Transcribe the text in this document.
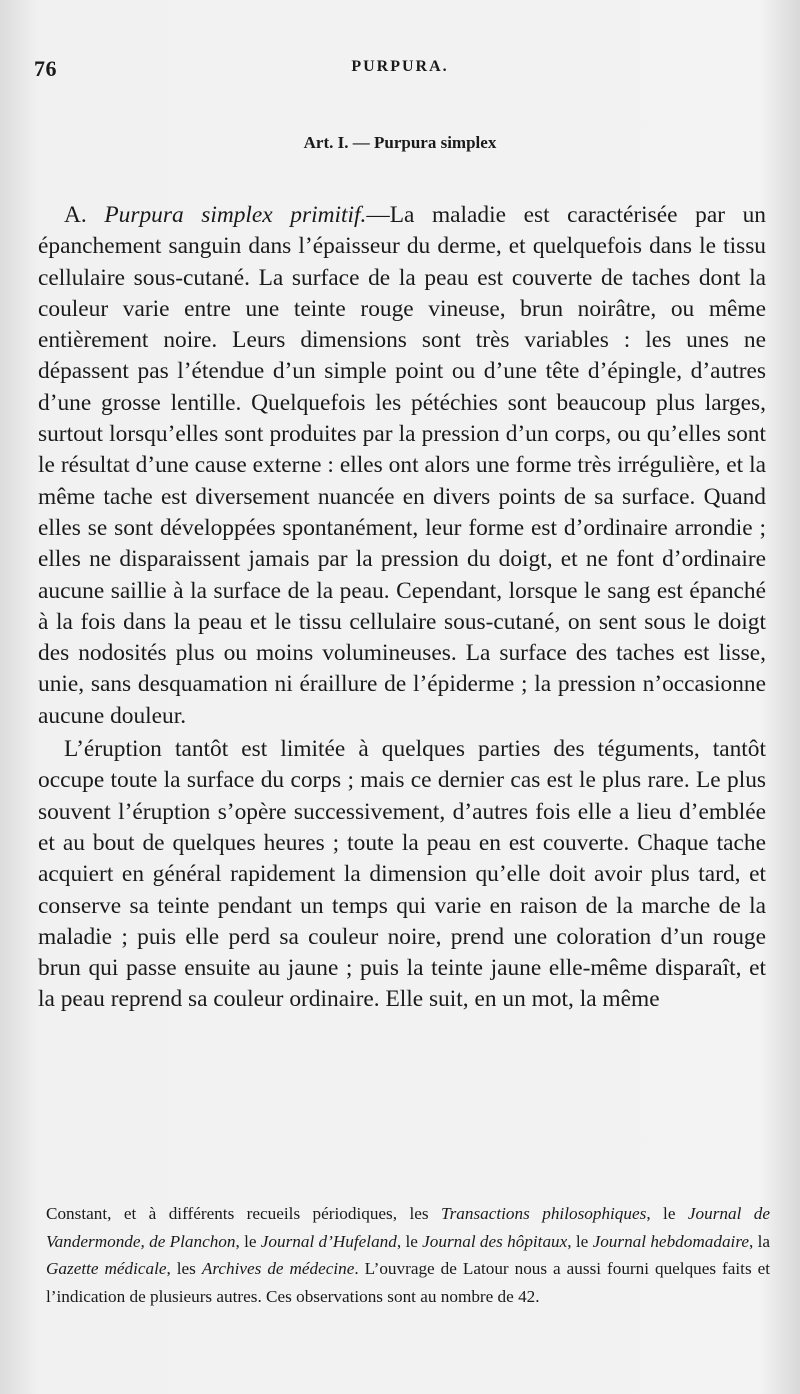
76	PURPURA.
Art. I. — Purpura simplex

A. Purpura simplex primitif.—La maladie est caractérisée par un épanchement sanguin dans l’épaisseur du derme, et quelquefois dans le tissu cellulaire sous-cutané. La surface de la peau est couverte de taches dont la couleur varie entre une teinte rouge vineuse, brun noirâtre, ou même entièrement noire. Leurs dimensions sont très variables : les unes ne dépassent pas l’étendue d’un simple point ou d’une tête d’épingle, d’autres d’une grosse lentille. Quelquefois les pétéchies sont beaucoup plus larges, surtout lorsqu’elles sont produites par la pression d’un corps, ou qu’elles sont le résultat d’une cause externe : elles ont alors une forme très irrégulière, et la même tache est diversement nuancée en divers points de sa surface. Quand elles se sont développées spontanément, leur forme est d’ordinaire arrondie ; elles ne disparaissent jamais par la pression du doigt, et ne font d’ordinaire aucune saillie à la surface de la peau. Cependant, lorsque le sang est épanché à la fois dans la peau et le tissu cellulaire sous-cutané, on sent sous le doigt des nodosités plus ou moins volumineuses. La surface des taches est lisse, unie, sans desquamation ni éraillure de l’épiderme ; la pression n’occasionne aucune douleur.

L’éruption tantôt est limitée à quelques parties des téguments, tantôt occupe toute la surface du corps ; mais ce dernier cas est le plus rare. Le plus souvent l’éruption s’opère successivement, d’autres fois elle a lieu d’emblée et au bout de quelques heures ; toute la peau en est couverte. Chaque tache acquiert en général rapidement la dimension qu’elle doit avoir plus tard, et conserve sa teinte pendant un temps qui varie en raison de la marche de la maladie ; puis elle perd sa couleur noire, prend une coloration d’un rouge brun qui passe ensuite au jaune ; puis la teinte jaune elle-même disparaît, et la peau reprend sa couleur ordinaire. Elle suit, en un mot, la même

Constant, et à différents recueils périodiques, les Transactions philosophiques, le Journal de Vandermonde, de Planchon, le Journal d’Hufeland, le Journal des hôpitaux, le Journal hebdomadaire, la Gazette médicale, les Archives de médecine. L’ouvrage de Latour nous a aussi fourni quelques faits et l’indication de plusieurs autres. Ces observations sont au nombre de 42.
